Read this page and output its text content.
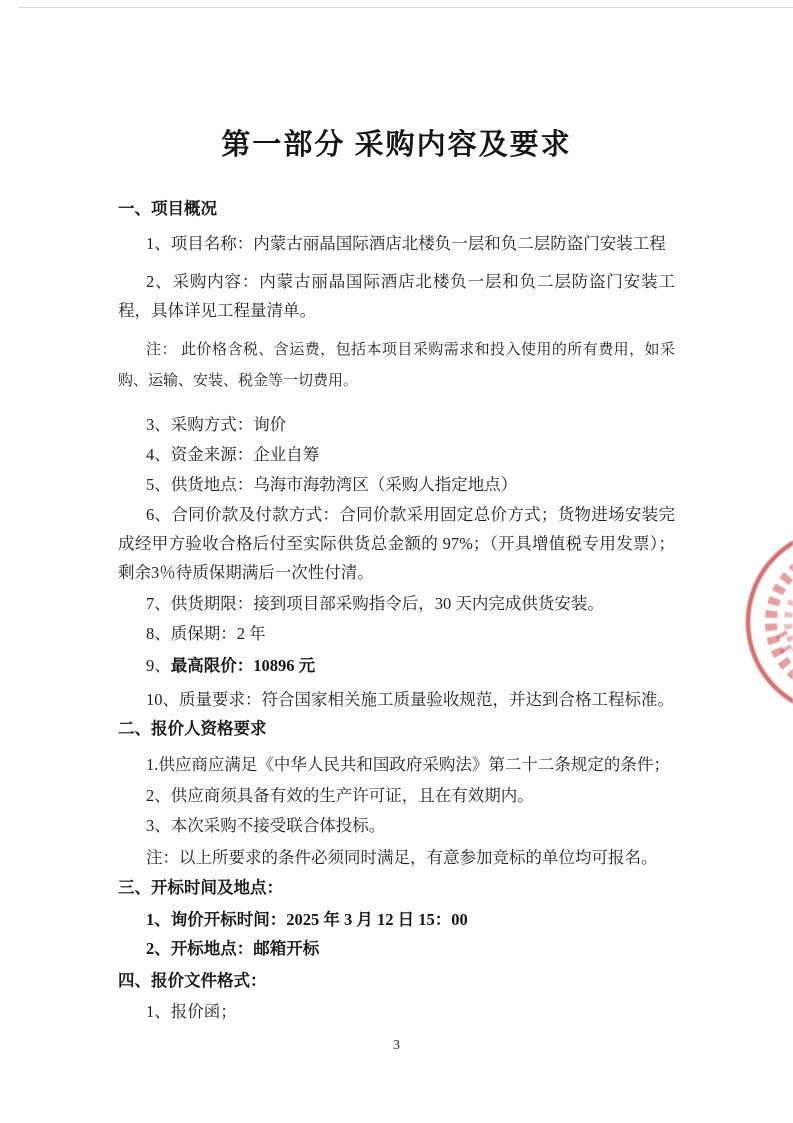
第一部分 采购内容及要求

一、项目概况

1、项目名称：内蒙古丽晶国际酒店北楼负一层和负二层防盗门安装工程

2、采购内容：内蒙古丽晶国际酒店北楼负一层和负二层防盗门安装工程，具体详见工程量清单。

注： 此价格含税、含运费，包括本项目采购需求和投入使用的所有费用，如采购、运输、安装、税金等一切费用。

3、采购方式：询价

4、资金来源：企业自筹

5、供货地点：乌海市海勃湾区（采购人指定地点）

6、合同价款及付款方式：合同价款采用固定总价方式；货物进场安装完成经甲方验收合格后付至实际供货总金额的 97%；（开具增值税专用发票）；剩余3％待质保期满后一次性付清。

7、供货期限：接到项目部采购指令后，30 天内完成供货安装。

8、质保期：2 年

9、最高限价：10896 元

10、质量要求：符合国家相关施工质量验收规范，并达到合格工程标准。

二、报价人资格要求

1.供应商应满足《中华人民共和国政府采购法》第二十二条规定的条件；

2、供应商须具备有效的生产许可证，且在有效期内。

3、本次采购不接受联合体投标。

注：以上所要求的条件必须同时满足，有意参加竞标的单位均可报名。

三、开标时间及地点：

1、询价开标时间：2025 年 3 月 12 日 15：00

2、开标地点：邮箱开标

四、报价文件格式：

1、报价函；

3
